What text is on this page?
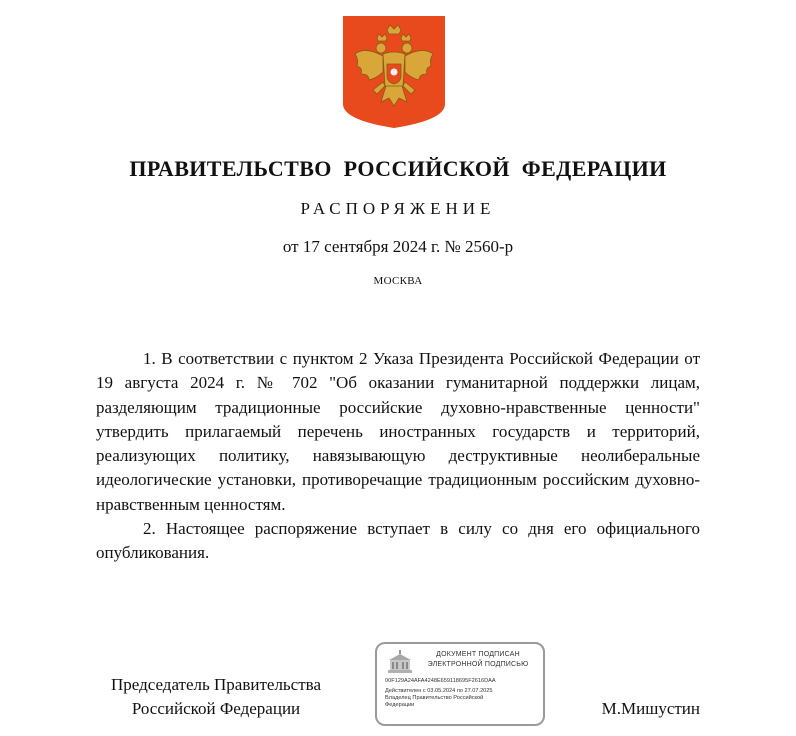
ПРАВИТЕЛЬСТВО РОССИЙСКОЙ ФЕДЕРАЦИИ
РАСПОРЯЖЕНИЕ
от 17 сентября 2024 г. № 2560-р
МОСКВА

1. В соответствии с пунктом 2 Указа Президента Российской Федерации от 19 августа 2024 г. № 702 "Об оказании гуманитарной поддержки лицам, разделяющим традиционные российские духовно-нравственные ценности" утвердить прилагаемый перечень иностранных государств и территорий, реализующих политику, навязывающую деструктивные неолиберальные идеологические установки, противоречащие традиционным российским духовно-нравственным ценностям.

2. Настоящее распоряжение вступает в силу со дня его официального опубликования.

Председатель Правительства
Российской Федерации
ДОКУМЕНТ ПОДПИСАН
ЭЛЕКТРОННОЙ ПОДПИСЬЮ
00F129A24AFA4248E659118695F2616DAA
Действителен с 03.05.2024 по 27.07.2025
Владелец Правительство Российской
Федерации	М.Мишустин
